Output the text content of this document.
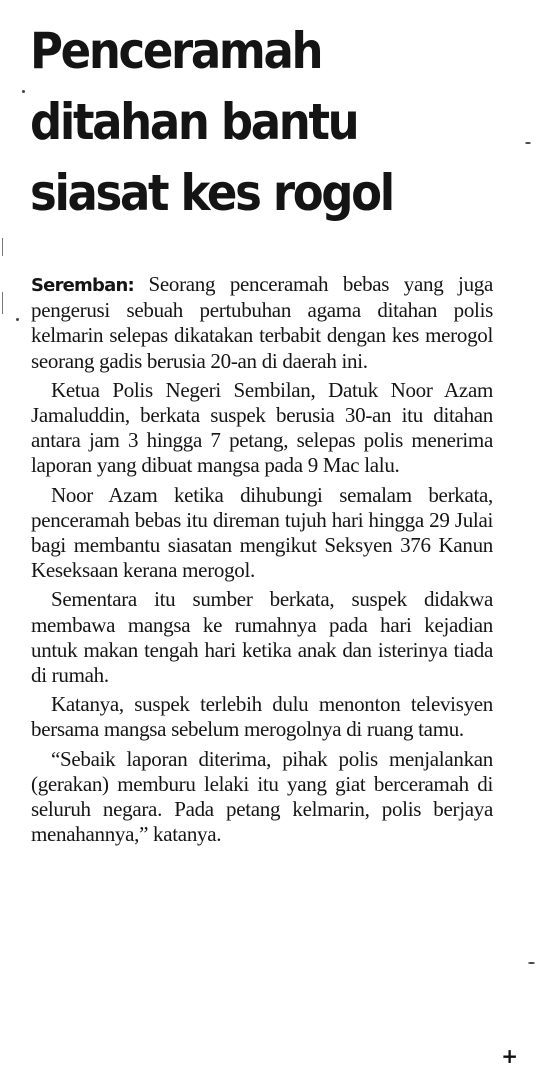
Penceramah
ditahan bantu
siasat kes rogol

Seremban: Seorang penceramah bebas yang juga pengerusi sebuah pertubuhan agama ditahan polis kelmarin selepas dikatakan terbabit dengan kes merogol seorang gadis berusia 20-an di daerah ini.

Ketua Polis Negeri Sembilan, Datuk Noor Azam Jamaluddin, berkata suspek berusia 30-an itu ditahan antara jam 3 hingga 7 petang, selepas polis menerima laporan yang dibuat mangsa pada 9 Mac lalu.

Noor Azam ketika dihubungi semalam berkata, penceramah bebas itu direman tujuh hari hingga 29 Julai bagi membantu siasatan mengikut Seksyen 376 Kanun Keseksaan kerana merogol.

Sementara itu sumber berkata, suspek didakwa membawa mangsa ke rumahnya pada hari kejadian untuk makan tengah hari ketika anak dan isterinya tiada di rumah.

Katanya, suspek terlebih dulu menonton televisyen bersama mangsa sebelum merogolnya di ruang tamu.

“Sebaik laporan diterima, pihak polis menjalankan (gerakan) memburu lelaki itu yang giat berceramah di seluruh negara. Pada petang kelmarin, polis berjaya menahannya,” katanya.

+
